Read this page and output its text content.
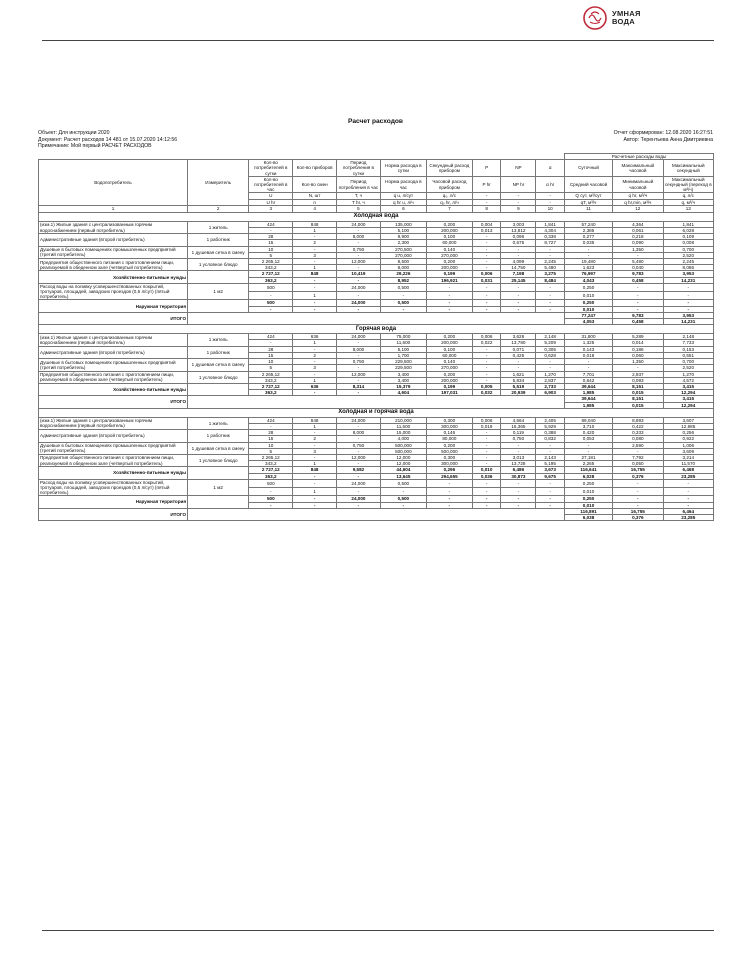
УМНАЯ
ВОДА
Расчет расходов
Объект: Для инструкции 2020
Документ: Расчет расходов 14 481 от 15.07.2020 14:12:56
Примечание: Мой первый РАСЧЕТ РАСХОДОВ
Отчет сформирован: 12.08.2020 16:27:51
Автор: Терентьева Анна Дмитриевна
										Расчетные расходы воды		
Водопотребитель	Измеритель	Кол-во потребителей в сутки	Кол-во приборов	Период потребления в сутки	Норма расхода в сутки	Секундный расход прибором	P	NP	α	Суточный	Максимальный часовой	Максимальный секундный
		Кол-во потребителей в час	Кол-во смен	Период потребления в час	Норма расхода в час	Часовой расход прибором	P hr	NP hr	α hr	Средний часовой	Минимальный часовой	Максимальный секундный (переход в м³/ч)
		U	N, шт	T, ч	q u, л/сут	q₀, л/с	-	-	-	Q сут, м³/сут	q hr, м³/ч	q, л/с
		U hr	n	T hr, ч	q hr u, л/ч	q₀ hr, л/ч	-	-	-	qT, м³/ч	q hr,min, м³/ч	q, м³/ч
1	2	3	4	5	6	7	8	9	10	11	12	13
Холодная вода												
(изм.1) Жилые здания с централизованным горячим водоснабжением (первый потребитель)	1 житель	424	848	24,000	135,000	0,200	0,004	3,003	1,841	57,240	4,364	1,841
		-	1	-	5,100	200,000	0,013	13,812	4,304	2,385	0,061	6,028
Административные здания (второй потребитель)	1 работник	28	-	8,000	9,900	0,100	-	0,096	0,338	0,277	0,218	0,109
		15	2	-	2,300	60,000	-	0,675	8,727	0,035	0,090	0,008
Душевые в бытовых помещениях промышленных предприятий (третий потребитель)	1 душевая сетка в смену	10	-	0,750	270,500	0,140	-	-	-	-	1,350	0,700
		5	3	-	270,000	270,000	-	-	-	-	-	2,520
Предприятия общественного питания с приготовлением пищи, реализуемой в обеденном зале (четвертый потребитель)	1 условное блюдо	2 265,12	-	12,000	8,500	0,200	-	4,099	2,245	19,480	5,480	2,245
		343,2	1	-	8,000	200,000	-	14,750	5,480	1,623	0,040	8,086
Хозяйственно-питьевые нужды		2 727,12	848	10,419	29,226	0,199	0,006	7,198	3,275	76,997	9,783	3,953
		363,2	-	-	8,952	196,921	0,031	25,145	8,484	4,043	0,458	14,231
Расход воды на поливку усовершенствованных покрытий, тротуаров, площадей, заводских проездов (0,5 л/сут) (пятый потребитель)	1 м2	500	-	24,000	0,500	-	-	-	-	0,250	-	-
		-	1	-	-	-	-	-	-	0,010	-	-
Наружная территория		500	-	24,000	0,500	-	-	-	-	0,250	-	-
		-	-	-	-	-	-	-	-	0,010	-	-
ИТОГО										77,247	9,783	3,953
										4,053	0,458	14,231
Горячая вода												
(изм.1) Жилые здания с централизованным горячим водоснабжением (первый потребитель)	1 житель	424	636	24,000	75,000	0,200	0,006	3,628	2,148	31,800	5,289	2,148
		-	1	-	11,600	200,000	0,022	13,780	5,209	1,325	0,014	7,733
Административные здания (второй потребитель)	1 работник	28	-	8,000	5,100	0,100	-	0,071	0,305	0,143	0,186	0,153
		15	2	-	1,700	60,000	-	0,425	0,628	0,018	0,060	0,551
Душевые в бытовых помещениях промышленных предприятий (третий потребитель)	1 душевая сетка в смену	10	-	0,750	229,500	0,140	-	-	-	-	1,350	0,700
		5	3	-	229,500	270,000	-	-	-	-	-	2,520
Предприятия общественного питания с приготовлением пищи, реализуемой в обеденном зале (четвертый потребитель)	1 условное блюдо	2 265,12	-	12,000	3,400	0,200	-	1,621	1,270	7,701	2,937	1,270
		343,2	1	-	3,400	200,000	-	5,834	2,837	0,642	0,093	4,572
Хозяйственно-питьевые нужды		2 727,12	636	8,314	15,379	0,199	0,005	5,519	2,733	39,644	8,151	3,415
		363,2	-	-	4,604	197,031	0,032	20,939	6,903	1,985	0,015	12,294
ИТОГО										39,644	8,151	3,415
										1,985	0,015	12,294
Холодная и горячая вода												
(изм.1) Жилые здания с централизованным горячим водоснабжением (первый потребитель)	1 житель	424	848	24,000	210,000	0,300	0,006	4,664	2,405	89,040	8,893	3,607
		-	1	-	11,600	300,000	0,019	16,365	5,929	3,710	0,422	12,985
Административные здания (второй потребитель)	1 работник	28	-	8,000	15,000	0,146	-	0,119	0,388	0,420	0,333	0,256
		15	2	-	4,000	80,000	-	0,750	0,832	0,053	0,080	0,922
Душевые в бытовых помещениях промышленных предприятий (третий потребитель)	1 душевая сетка в смену	10	-	0,750	500,000	0,200	-	-	-	-	2,590	1,006
		5	3	-	500,000	500,000	-	-	-	-	-	3,609
Предприятия общественного питания с приготовлением пищи, реализуемой в обеденном зале (четвертый потребитель)	1 условное блюдо	2 265,12	-	12,000	12,000	0,300	-	3,013	2,143	27,181	7,792	3,214
		343,2	1	-	12,000	300,000	-	13,728	5,195	2,265	0,050	11,570
Хозяйственно-питьевые нужды		2 727,12	848	9,582	44,604	0,296	0,010	6,486	3,673	116,641	16,755	6,468
		363,2	-	-	13,645	294,655	0,036	30,873	9,675	6,028	0,376	23,285
Расход воды на поливку усовершенствованных покрытий, тротуаров, площадей, заводских проездов (0,5 л/сут) (пятый потребитель)	1 м2	500	-	24,000	0,500	-	-	-	-	0,250	-	-
		-	1	-	-	-	-	-	-	0,010	-	-
Наружная территория		500	-	24,000	0,500	-	-	-	-	0,250	-	-
		-	-	-	-	-	-	-	-	0,010	-	-
ИТОГО										116,891	16,755	6,464
										6,038	0,376	23,285
